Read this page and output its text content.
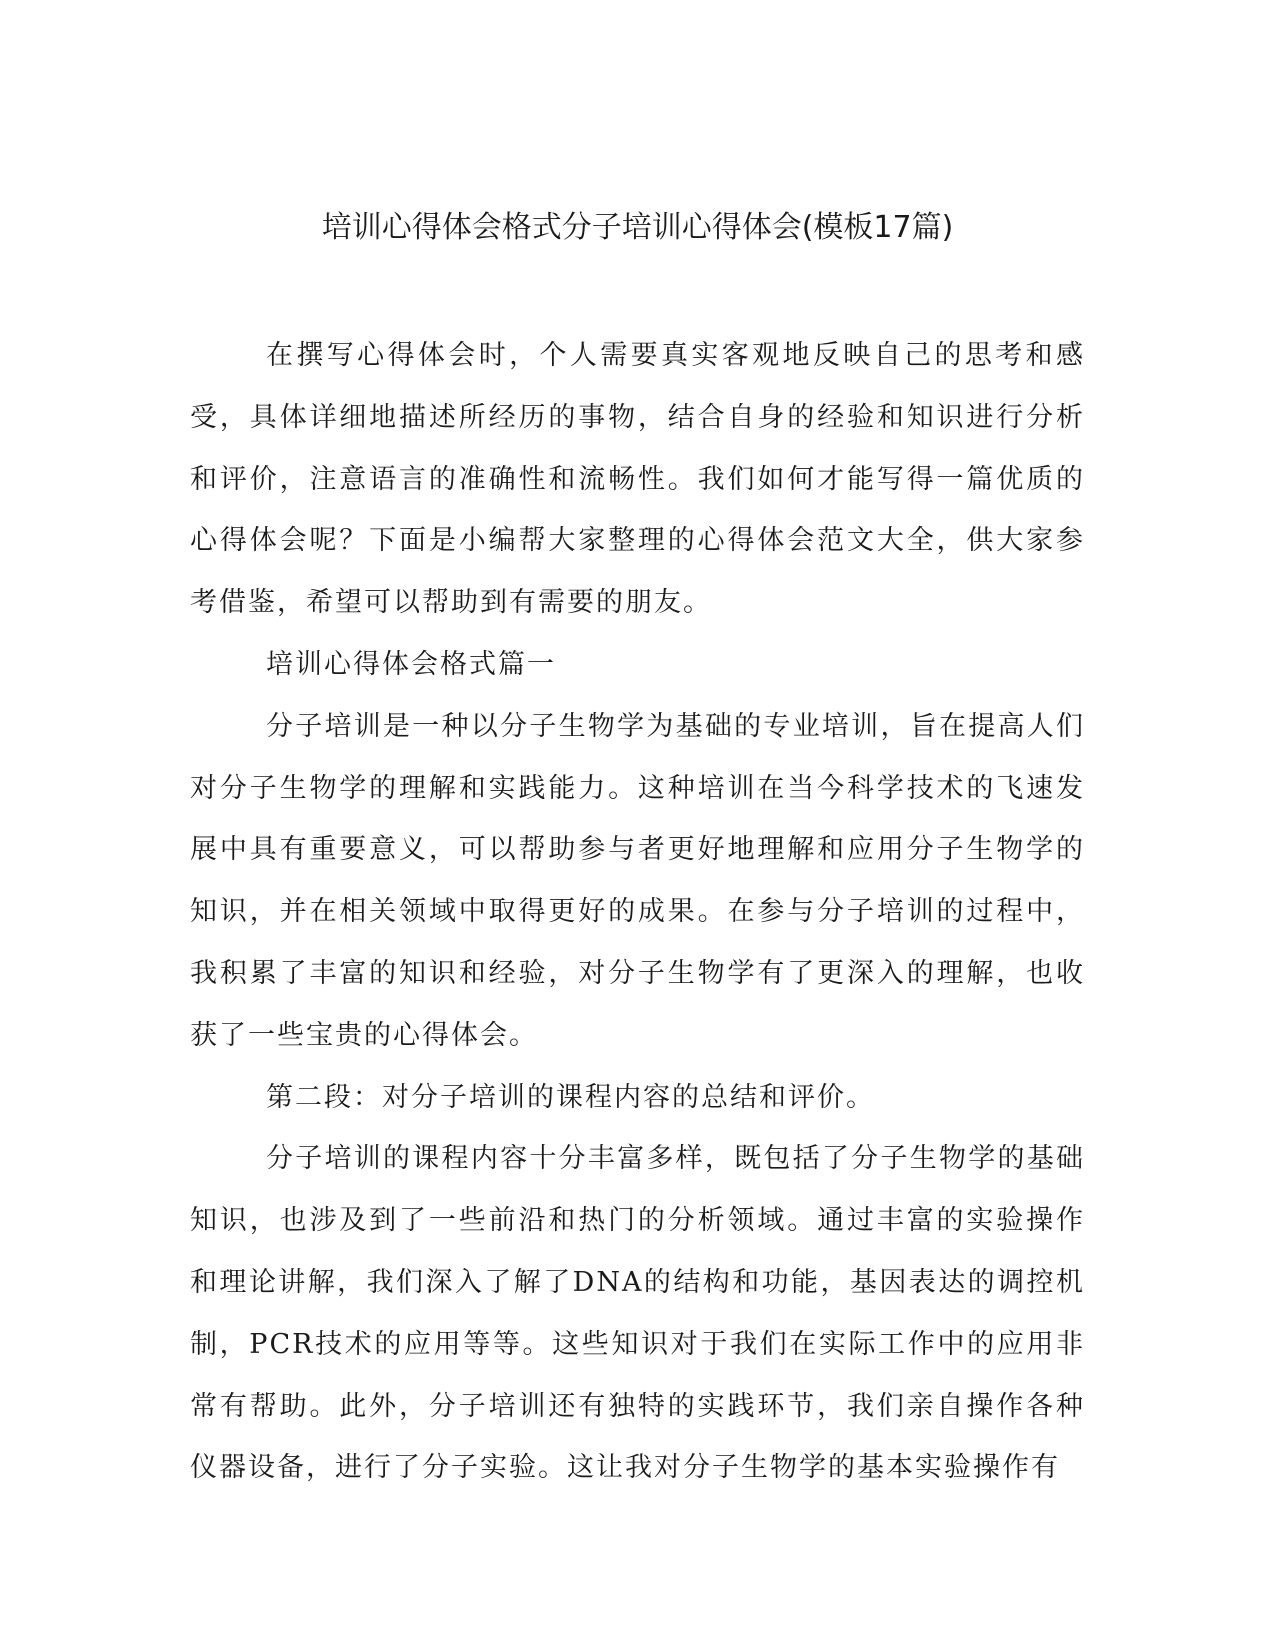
培训心得体会格式分子培训心得体会(模板17篇)

在撰写心得体会时，个人需要真实客观地反映自己的思考和感受，具体详细地描述所经历的事物，结合自身的经验和知识进行分析和评价，注意语言的准确性和流畅性。我们如何才能写得一篇优质的心得体会呢？下面是小编帮大家整理的心得体会范文大全，供大家参考借鉴，希望可以帮助到有需要的朋友。

培训心得体会格式篇一

分子培训是一种以分子生物学为基础的专业培训，旨在提高人们对分子生物学的理解和实践能力。这种培训在当今科学技术的飞速发展中具有重要意义，可以帮助参与者更好地理解和应用分子生物学的知识，并在相关领域中取得更好的成果。在参与分子培训的过程中，我积累了丰富的知识和经验，对分子生物学有了更深入的理解，也收获了一些宝贵的心得体会。

第二段：对分子培训的课程内容的总结和评价。

分子培训的课程内容十分丰富多样，既包括了分子生物学的基础知识，也涉及到了一些前沿和热门的分析领域。通过丰富的实验操作和理论讲解，我们深入了解了DNA的结构和功能，基因表达的调控机制，PCR技术的应用等等。这些知识对于我们在实际工作中的应用非常有帮助。此外，分子培训还有独特的实践环节，我们亲自操作各种仪器设备，进行了分子实验。这让我对分子生物学的基本实验操作有
